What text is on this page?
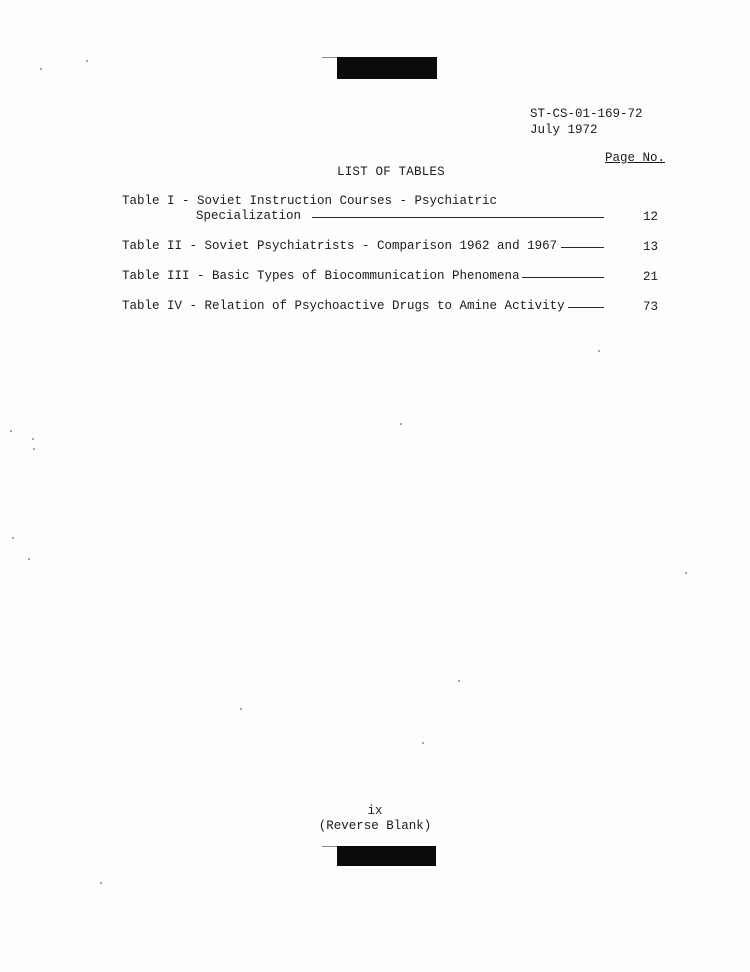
ST-CS-01-169-72
July 1972
Page No.
LIST OF TABLES
Table I - Soviet Instruction Courses - Psychiatric
Specialization	12
Table II - Soviet Psychiatrists - Comparison 1962 and 1967	13
Table III - Basic Types of Biocommunication Phenomena	21
Table IV - Relation of Psychoactive Drugs to Amine Activity	73
ix
(Reverse Blank)
